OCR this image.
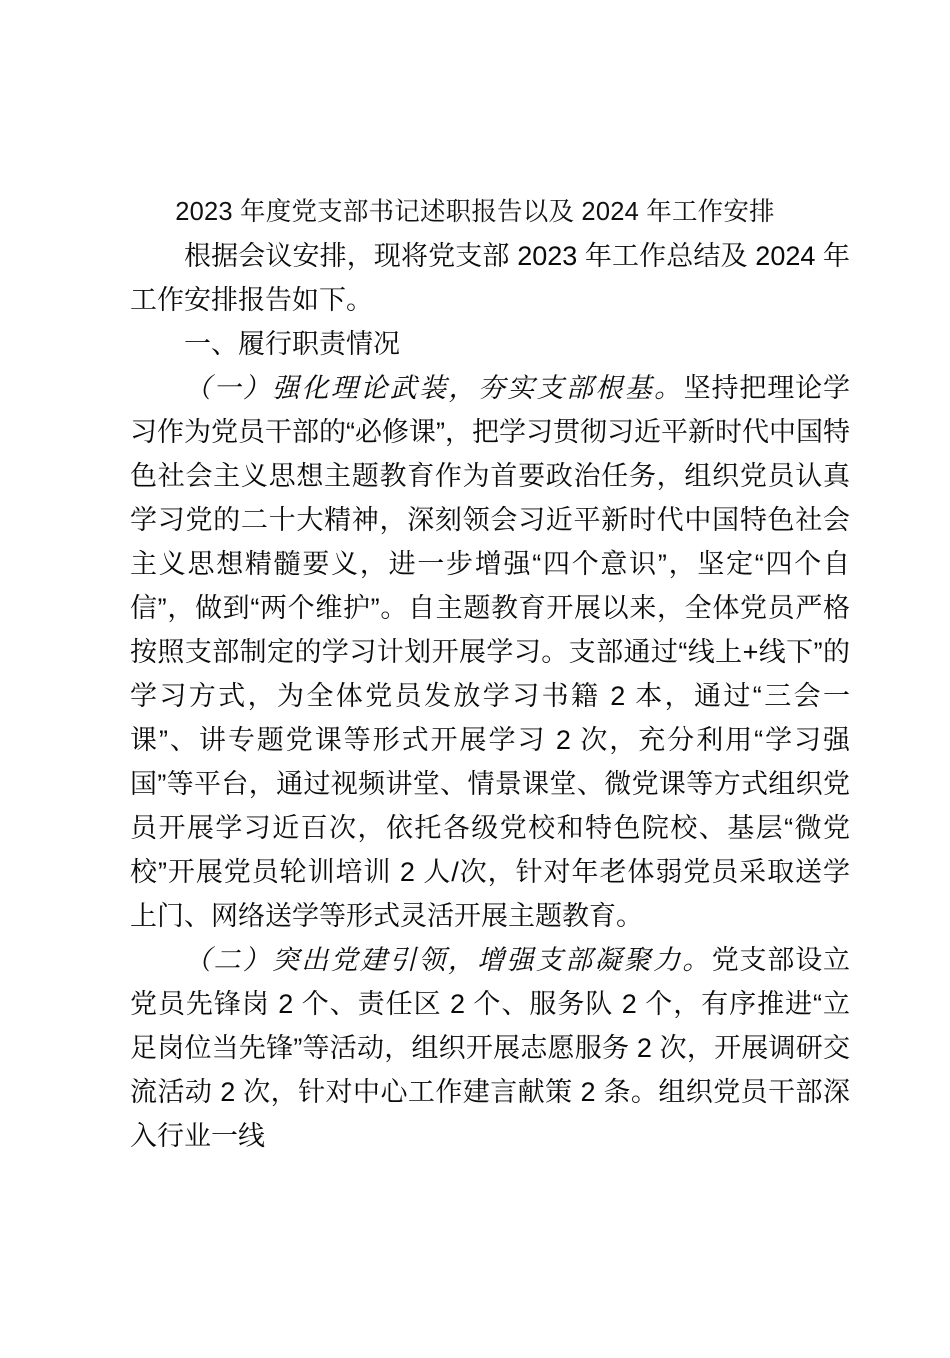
2023 年度党支部书记述职报告以及 2024 年工作安排

根据会议安排，现将党支部 2023 年工作总结及 2024 年工作安排报告如下。

一、履行职责情况

（一）强化理论武装，夯实支部根基。坚持把理论学习作为党员干部的“必修课”，把学习贯彻习近平新时代中国特色社会主义思想主题教育作为首要政治任务，组织党员认真学习党的二十大精神，深刻领会习近平新时代中国特色社会主义思想精髓要义，进一步增强“四个意识”，坚定“四个自信”，做到“两个维护”。自主题教育开展以来，全体党员严格按照支部制定的学习计划开展学习。支部通过“线上+线下”的学习方式，为全体党员发放学习书籍 2 本，通过“三会一课”、讲专题党课等形式开展学习 2 次，充分利用“学习强国”等平台，通过视频讲堂、情景课堂、微党课等方式组织党员开展学习近百次，依托各级党校和特色院校、基层“微党校”开展党员轮训培训 2 人/次，针对年老体弱党员采取送学上门、网络送学等形式灵活开展主题教育。

（二）突出党建引领，增强支部凝聚力。党支部设立党员先锋岗 2 个、责任区 2 个、服务队 2 个，有序推进“立足岗位当先锋”等活动，组织开展志愿服务 2 次，开展调研交流活动 2 次，针对中心工作建言献策 2 条。组织党员干部深入行业一线
